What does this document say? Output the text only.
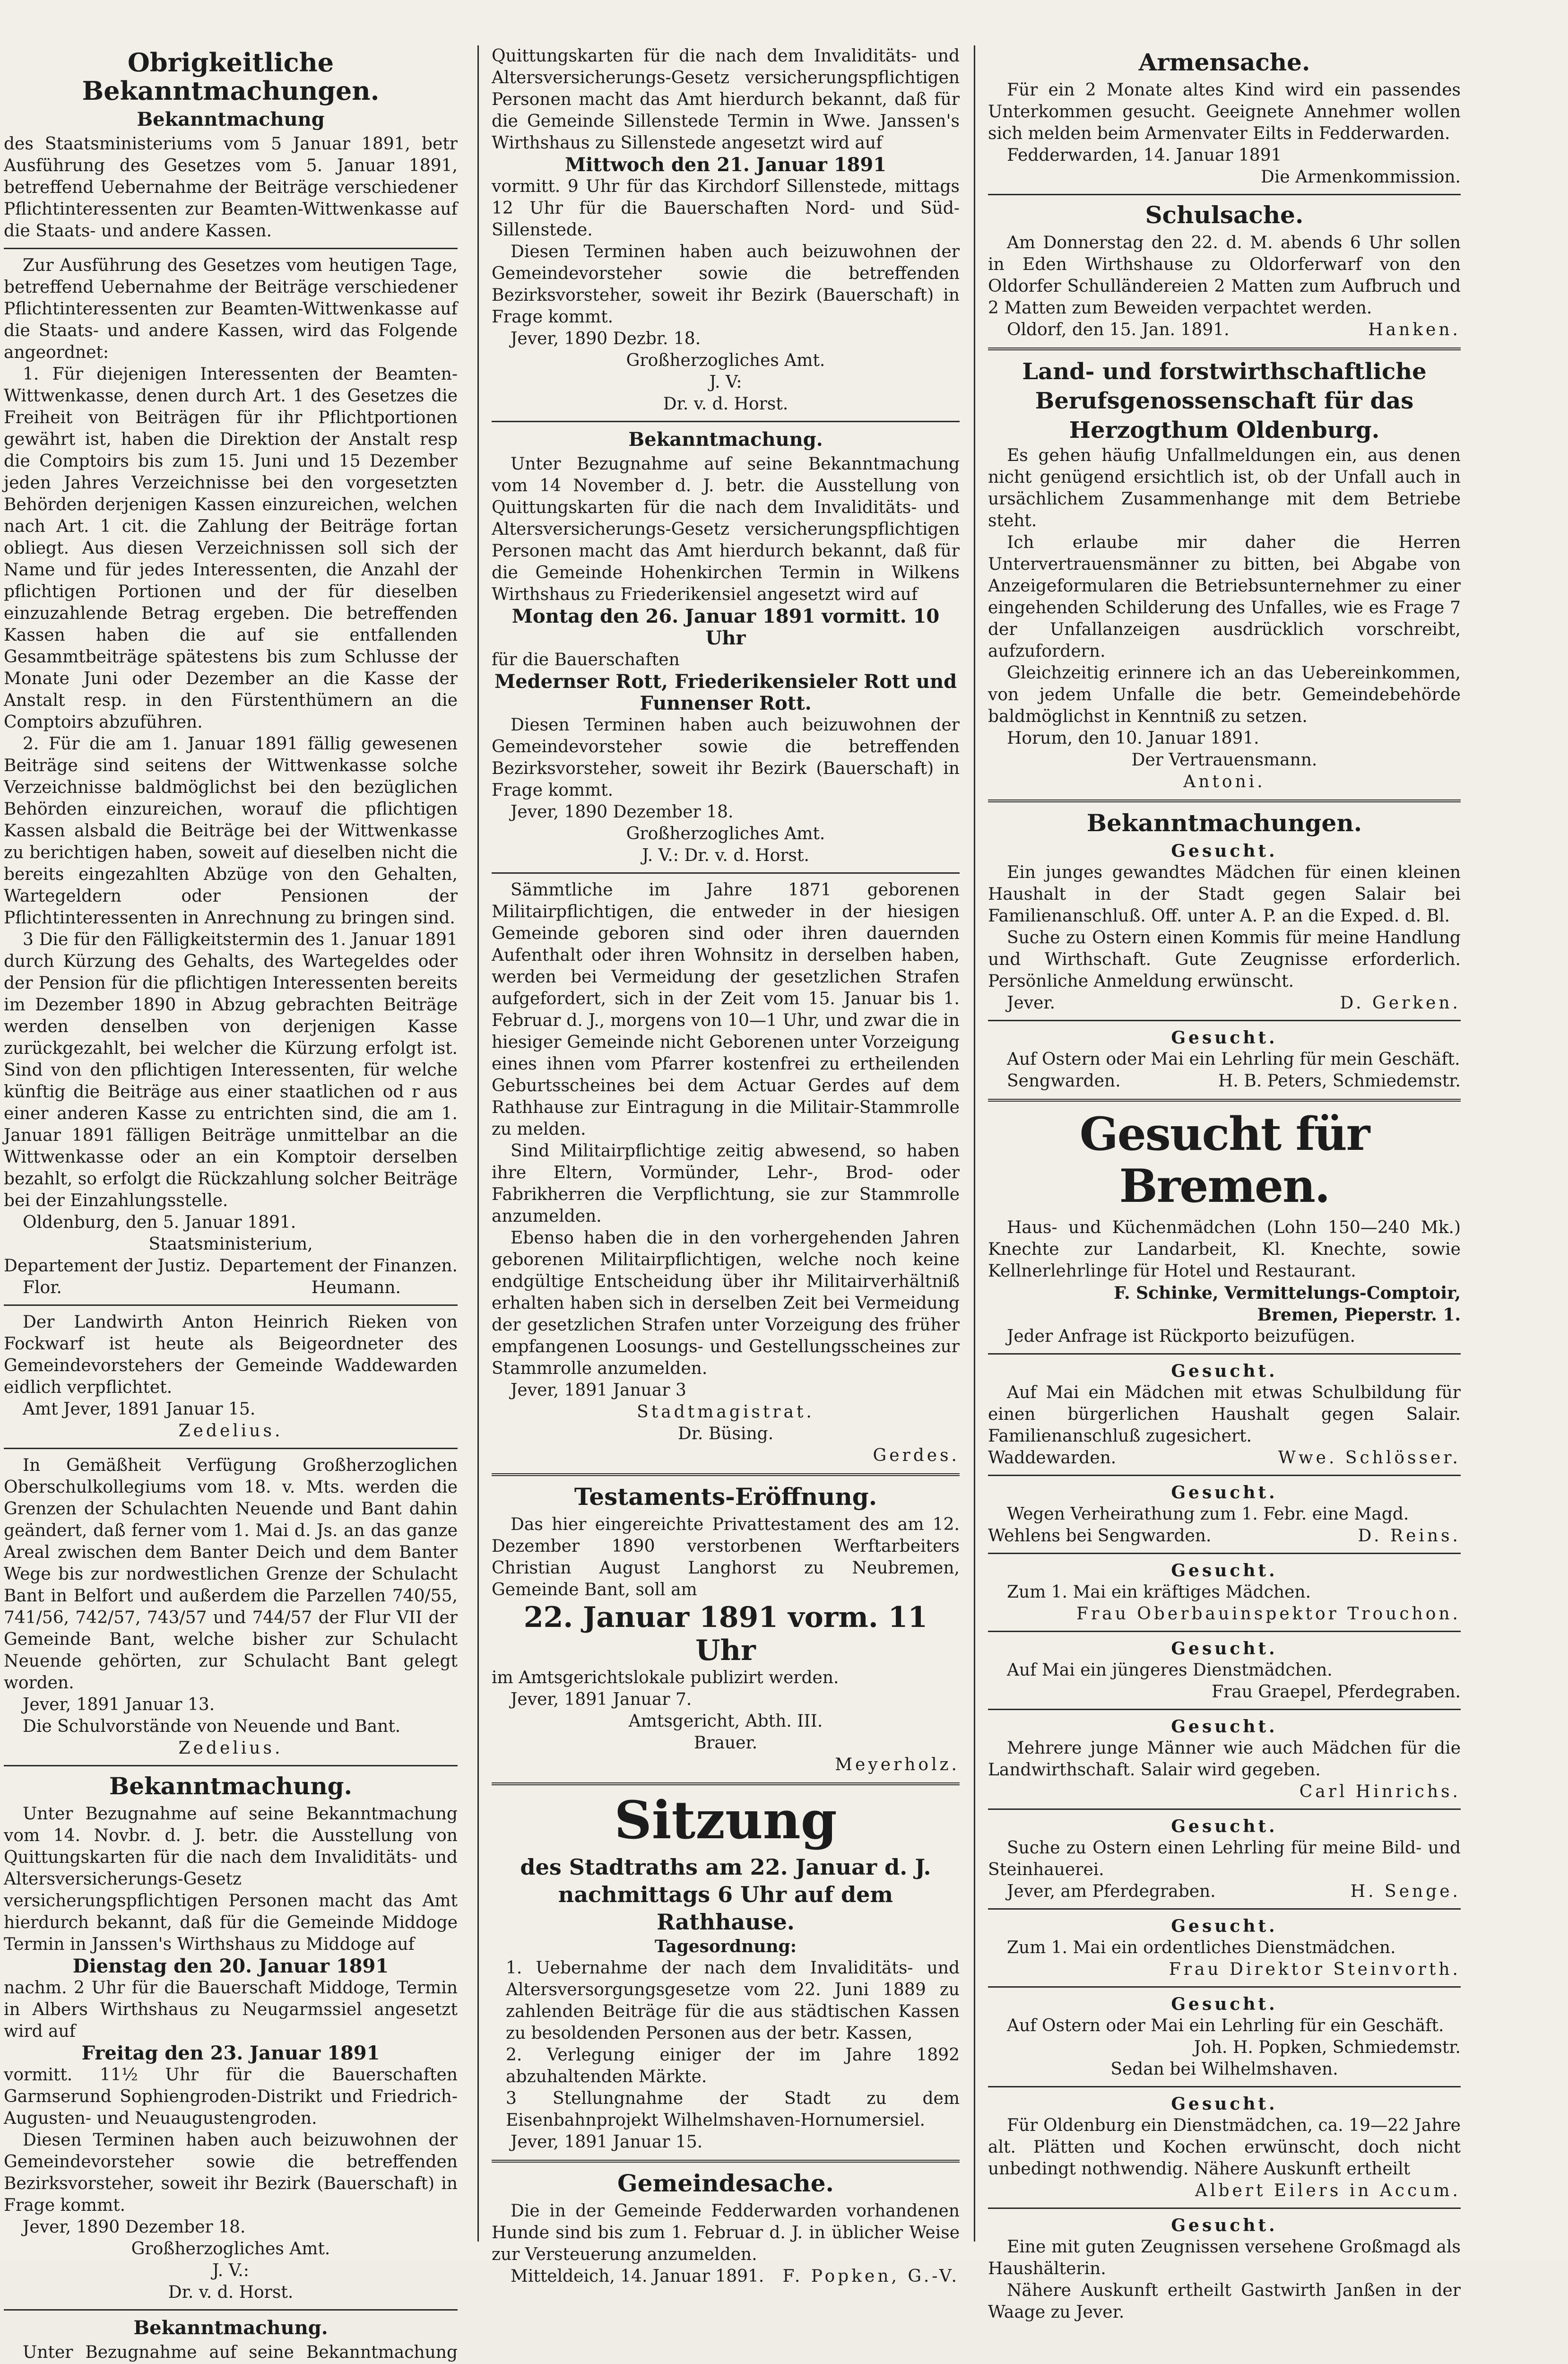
Obrigkeitliche Bekanntmachungen.
Bekanntmachung

des Staatsministeriums vom 5 Januar 1891, betr Ausführung des Gesetzes vom 5. Januar 1891, betreffend Uebernahme der Beiträge verschiedener Pflichtinteressenten zur Beamten-Wittwenkasse auf die Staats- und andere Kassen.

Zur Ausführung des Gesetzes vom heutigen Tage, betreffend Uebernahme der Beiträge verschiedener Pflichtinteressenten zur Beamten-Wittwenkasse auf die Staats- und andere Kassen, wird das Folgende angeordnet:

1. Für diejenigen Interessenten der Beamten-Wittwenkasse, denen durch Art. 1 des Gesetzes die Freiheit von Beiträgen für ihr Pflichtportionen gewährt ist, haben die Direktion der Anstalt resp die Comptoirs bis zum 15. Juni und 15 Dezember jeden Jahres Verzeichnisse bei den vorgesetzten Behörden derjenigen Kassen einzureichen, welchen nach Art. 1 cit. die Zahlung der Beiträge fortan obliegt. Aus diesen Verzeichnissen soll sich der Name und für jedes Interessenten, die Anzahl der pflichtigen Portionen und der für dieselben einzuzahlende Betrag ergeben. Die betreffenden Kassen haben die auf sie entfallenden Gesammtbeiträge spätestens bis zum Schlusse der Monate Juni oder Dezember an die Kasse der Anstalt resp. in den Fürstenthümern an die Comptoirs abzuführen.

2. Für die am 1. Januar 1891 fällig gewesenen Beiträge sind seitens der Wittwenkasse solche Verzeichnisse baldmöglichst bei den bezüglichen Behörden einzureichen, worauf die pflichtigen Kassen alsbald die Beiträge bei der Wittwenkasse zu berichtigen haben, soweit auf dieselben nicht die bereits eingezahlten Abzüge von den Gehalten, Wartegeldern oder Pensionen der Pflichtinteressenten in Anrechnung zu bringen sind.

3 Die für den Fälligkeitstermin des 1. Januar 1891 durch Kürzung des Gehalts, des Wartegeldes oder der Pension für die pflichtigen Interessenten bereits im Dezember 1890 in Abzug gebrachten Beiträge werden denselben von derjenigen Kasse zurückgezahlt, bei welcher die Kürzung erfolgt ist. Sind von den pflichtigen Interessenten, für welche künftig die Beiträge aus einer staatlichen od r aus einer anderen Kasse zu entrichten sind, die am 1. Januar 1891 fälligen Beiträge unmittelbar an die Wittwenkasse oder an ein Komptoir derselben bezahlt, so erfolgt die Rückzahlung solcher Beiträge bei der Einzahlungsstelle.

Oldenburg, den 5. Januar 1891.
Staatsministerium,
Departement der Justiz. Departement der Finanzen.
Flor.	Heumann.

Der Landwirth Anton Heinrich Rieken von Fockwarf ist heute als Beigeordneter des Gemeindevorstehers der Gemeinde Waddewarden eidlich verpflichtet.

Amt Jever, 1891 Januar 15.
Zedelius.

In Gemäßheit Verfügung Großherzoglichen Oberschulkollegiums vom 18. v. Mts. werden die Grenzen der Schulachten Neuende und Bant dahin geändert, daß ferner vom 1. Mai d. Js. an das ganze Areal zwischen dem Banter Deich und dem Banter Wege bis zur nordwestlichen Grenze der Schulacht Bant in Belfort und außerdem die Parzellen 740/55, 741/56, 742/57, 743/57 und 744/57 der Flur VII der Gemeinde Bant, welche bisher zur Schulacht Neuende gehörten, zur Schulacht Bant gelegt worden.

Jever, 1891 Januar 13.
Die Schulvorstände von Neuende und Bant.
Zedelius.
Bekanntmachung.

Unter Bezugnahme auf seine Bekanntmachung vom 14. Novbr. d. J. betr. die Ausstellung von Quittungskarten für die nach dem Invaliditäts- und Altersversicherungs-Gesetz versicherungspflichtigen Personen macht das Amt hierdurch bekannt, daß für die Gemeinde Middoge Termin in Janssen's Wirthshaus zu Middoge auf

Dienstag den 20. Januar 1891

nachm. 2 Uhr für die Bauerschaft Middoge, Termin in Albers Wirthshaus zu Neugarmssiel angesetzt wird auf

Freitag den 23. Januar 1891

vormitt. 11½ Uhr für die Bauerschaften Garmserund Sophiengroden-Distrikt und Friedrich-Augusten- und Neuaugustengroden.

Diesen Terminen haben auch beizuwohnen der Gemeindevorsteher sowie die betreffenden Bezirksvorsteher, soweit ihr Bezirk (Bauerschaft) in Frage kommt.

Jever, 1890 Dezember 18.
Großherzogliches Amt.
J. V.:
Dr. v. d. Horst.
Bekanntmachung.

Unter Bezugnahme auf seine Bekanntmachung

Quittungskarten für die nach dem Invaliditäts- und Altersversicherungs-Gesetz versicherungspflichtigen Personen macht das Amt hierdurch bekannt, daß für die Gemeinde Sillenstede Termin in Wwe. Janssen's Wirthshaus zu Sillenstede angesetzt wird auf

Mittwoch den 21. Januar 1891

vormitt. 9 Uhr für das Kirchdorf Sillenstede, mittags 12 Uhr für die Bauerschaften Nord- und Süd-Sillenstede.

Diesen Terminen haben auch beizuwohnen der Gemeindevorsteher sowie die betreffenden Bezirksvorsteher, soweit ihr Bezirk (Bauerschaft) in Frage kommt.

Jever, 1890 Dezbr. 18.
Großherzogliches Amt.
J. V:
Dr. v. d. Horst.
Bekanntmachung.

Unter Bezugnahme auf seine Bekanntmachung vom 14 November d. J. betr. die Ausstellung von Quittungskarten für die nach dem Invaliditäts- und Altersversicherungs-Gesetz versicherungspflichtigen Personen macht das Amt hierdurch bekannt, daß für die Gemeinde Hohenkirchen Termin in Wilkens Wirthshaus zu Friederikensiel angesetzt wird auf

Montag den 26. Januar 1891 vormitt. 10 Uhr

für die Bauerschaften

Medernser Rott, Friederikensieler Rott und Funnenser Rott.

Diesen Terminen haben auch beizuwohnen der Gemeindevorsteher sowie die betreffenden Bezirksvorsteher, soweit ihr Bezirk (Bauerschaft) in Frage kommt.

Jever, 1890 Dezember 18.
Großherzogliches Amt.
J. V.: Dr. v. d. Horst.

Sämmtliche im Jahre 1871 geborenen Militairpflichtigen, die entweder in der hiesigen Gemeinde geboren sind oder ihren dauernden Aufenthalt oder ihren Wohnsitz in derselben haben, werden bei Vermeidung der gesetzlichen Strafen aufgefordert, sich in der Zeit vom 15. Januar bis 1. Februar d. J., morgens von 10—1 Uhr, und zwar die in hiesiger Gemeinde nicht Geborenen unter Vorzeigung eines ihnen vom Pfarrer kostenfrei zu ertheilenden Geburtsscheines bei dem Actuar Gerdes auf dem Rathhause zur Eintragung in die Militair-Stammrolle zu melden.

Sind Militairpflichtige zeitig abwesend, so haben ihre Eltern, Vormünder, Lehr-, Brod- oder Fabrikherren die Verpflichtung, sie zur Stammrolle anzumelden.

Ebenso haben die in den vorhergehenden Jahren geborenen Militairpflichtigen, welche noch keine endgültige Entscheidung über ihr Militairverhältniß erhalten haben sich in derselben Zeit bei Vermeidung der gesetzlichen Strafen unter Vorzeigung des früher empfangenen Loosungs- und Gestellungsscheines zur Stammrolle anzumelden.

Jever, 1891 Januar 3
Stadtmagistrat.
Dr. Büsing.
Gerdes.
Testaments-Eröffnung.

Das hier eingereichte Privattestament des am 12. Dezember 1890 verstorbenen Werftarbeiters Christian August Langhorst zu Neubremen, Gemeinde Bant, soll am

22. Januar 1891 vorm. 11 Uhr

im Amtsgerichtslokale publizirt werden.

Jever, 1891 Januar 7.
Amtsgericht, Abth. III.
Brauer.
Meyerholz.
Sitzung
des Stadtraths am 22. Januar d. J. nachmittags 6 Uhr auf dem Rathhause.
Tagesordnung:
1. Uebernahme der nach dem Invaliditäts- und Altersversorgungsgesetze vom 22. Juni 1889 zu zahlenden Beiträge für die aus städtischen Kassen zu besoldenden Personen aus der betr. Kassen,
2. Verlegung einiger der im Jahre 1892 abzuhaltenden Märkte.
3 Stellungnahme der Stadt zu dem Eisenbahnprojekt Wilhelmshaven-Hornumersiel.
Jever, 1891 Januar 15.
Gemeindesache.

Die in der Gemeinde Fedderwarden vorhandenen Hunde sind bis zum 1. Februar d. J. in üblicher Weise zur Versteuerung anzumelden.

Mitteldeich, 14. Januar 1891. F. Popken, G.-V.
Armensache.

Für ein 2 Monate altes Kind wird ein passendes Unterkommen gesucht. Geeignete Annehmer wollen sich melden beim Armenvater Eilts in Fedderwarden.

Fedderwarden, 14. Januar 1891
Die Armenkommission.
Schulsache.

Am Donnerstag den 22. d. M. abends 6 Uhr sollen in Eden Wirthshause zu Oldorferwarf von den Oldorfer Schulländereien 2 Matten zum Aufbruch und 2 Matten zum Beweiden verpachtet werden.

Oldorf, den 15. Jan. 1891.	Hanken.
Land- und forstwirthschaftliche Berufsgenossenschaft für das Herzogthum Oldenburg.

Es gehen häufig Unfallmeldungen ein, aus denen nicht genügend ersichtlich ist, ob der Unfall auch in ursächlichem Zusammenhange mit dem Betriebe steht.

Ich erlaube mir daher die Herren Untervertrauensmänner zu bitten, bei Abgabe von Anzeigeformularen die Betriebsunternehmer zu einer eingehenden Schilderung des Unfalles, wie es Frage 7 der Unfallanzeigen ausdrücklich vorschreibt, aufzufordern.

Gleichzeitig erinnere ich an das Uebereinkommen, von jedem Unfalle die betr. Gemeindebehörde baldmöglichst in Kenntniß zu setzen.

Horum, den 10. Januar 1891.
Der Vertrauensmann.
Antoni.
Bekanntmachungen.
Gesucht.

Ein junges gewandtes Mädchen für einen kleinen Haushalt in der Stadt gegen Salair bei Familienanschluß. Off. unter A. P. an die Exped. d. Bl.

Suche zu Ostern einen Kommis für meine Handlung und Wirthschaft. Gute Zeugnisse erforderlich. Persönliche Anmeldung erwünscht.

Jever.	D. Gerken.
Gesucht.

Auf Ostern oder Mai ein Lehrling für mein Geschäft.

Sengwarden.	H. B. Peters, Schmiedemstr.
Gesucht für Bremen.

Haus- und Küchenmädchen (Lohn 150—240 Mk.) Knechte zur Landarbeit, Kl. Knechte, sowie Kellnerlehrlinge für Hotel und Restaurant.

F. Schinke, Vermittelungs-Comptoir,
Bremen, Pieperstr. 1.

Jeder Anfrage ist Rückporto beizufügen.

Gesucht.

Auf Mai ein Mädchen mit etwas Schulbildung für einen bürgerlichen Haushalt gegen Salair. Familienanschluß zugesichert.

Waddewarden.	Wwe. Schlösser.
Gesucht.

Wegen Verheirathung zum 1. Febr. eine Magd.

Wehlens bei Sengwarden.	D. Reins.
Gesucht.

Zum 1. Mai ein kräftiges Mädchen.

Frau Oberbauinspektor Trouchon.
Gesucht.

Auf Mai ein jüngeres Dienstmädchen.

Frau Graepel, Pferdegraben.
Gesucht.

Mehrere junge Männer wie auch Mädchen für die Landwirthschaft. Salair wird gegeben.

Carl Hinrichs.
Gesucht.

Suche zu Ostern einen Lehrling für meine Bild- und Steinhauerei.

Jever, am Pferdegraben.	H. Senge.
Gesucht.

Zum 1. Mai ein ordentliches Dienstmädchen.

Frau Direktor Steinvorth.
Gesucht.

Auf Ostern oder Mai ein Lehrling für ein Geschäft.

Joh. H. Popken, Schmiedemstr.
Sedan bei Wilhelmshaven.
Gesucht.

Für Oldenburg ein Dienstmädchen, ca. 19—22 Jahre alt. Plätten und Kochen erwünscht, doch nicht unbedingt nothwendig. Nähere Auskunft ertheilt

Albert Eilers in Accum.
Gesucht.

Eine mit guten Zeugnissen versehene Großmagd als Haushälterin.

Nähere Auskunft ertheilt Gastwirth Janßen in der Waage zu Jever.
